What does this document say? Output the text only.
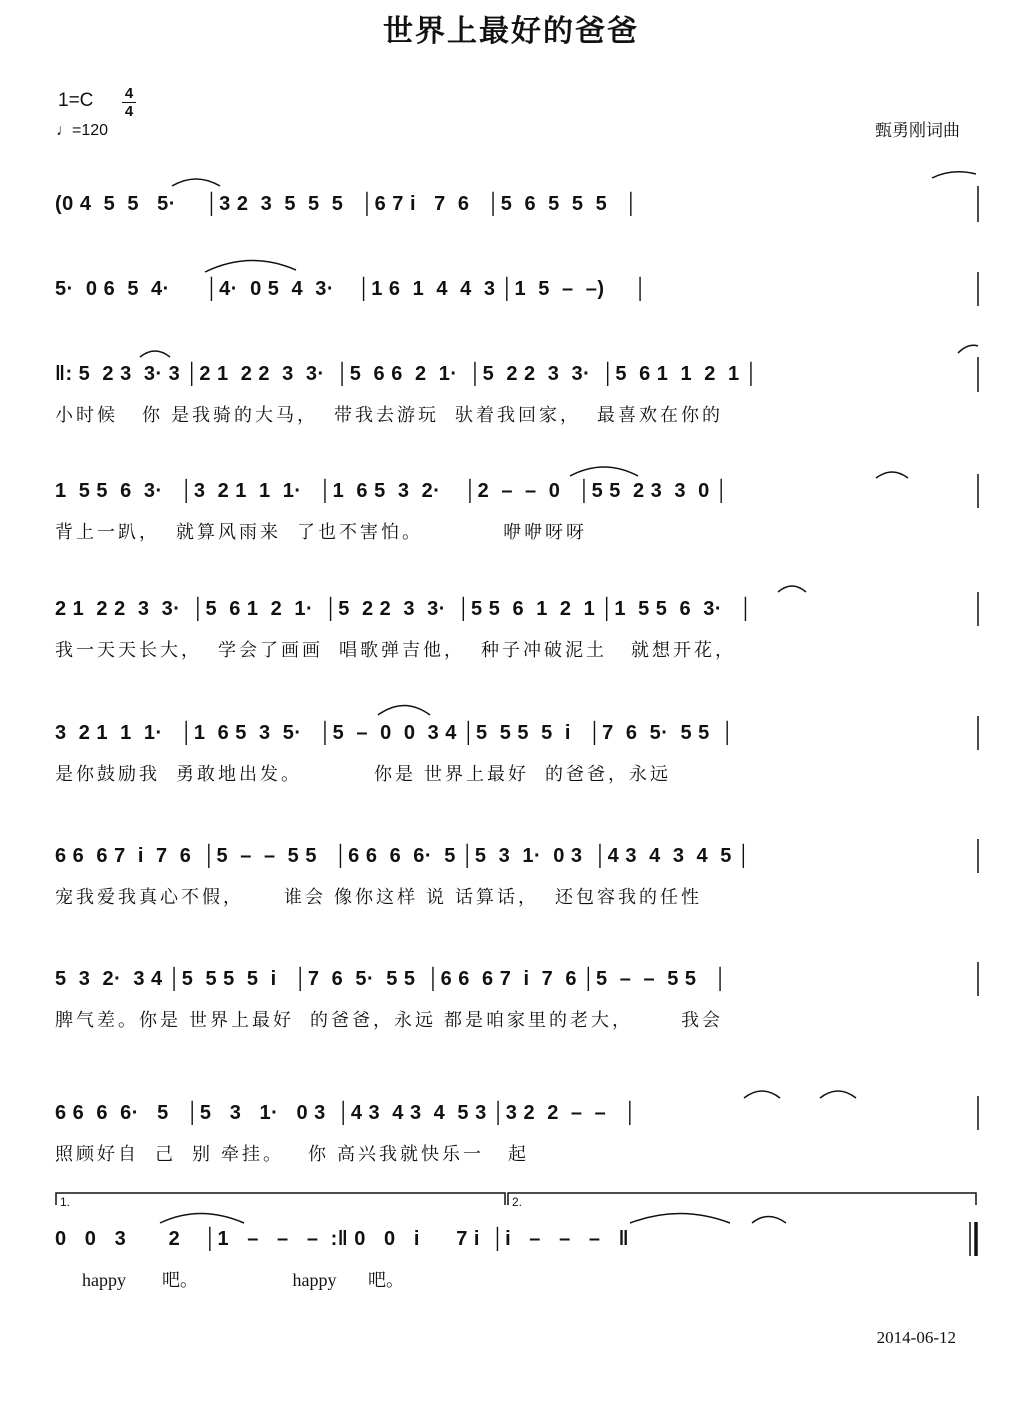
世界上最好的爸爸
1=C 4
4
♩=120	甄勇刚词曲
(0 4  5  5   5·     │3 2  3  5  5  5   │6 7 i   7  6   │5  6  5  5  5   │
5·  0 6  5  4·      │4·  0 5  4  3·    │1 6  1  4  4  3 │1  5  –  –)     │
‖: 5  2 3  3· 3 │2 1  2 2  3  3·  │5  6 6  2  1·  │5  2 2  3  3·  │5  6 1  1  2  1 │
小时候   你 是我骑的大马，  带我去游玩  驮着我回家，  最喜欢在你的
1  5 5  6  3·   │3  2 1  1  1·   │1  6 5  3  2·    │2  –  –  0   │5 5  2 3  3  0 │
背上一趴，  就算风雨来  了也不害怕。          咿咿呀呀
2 1  2 2  3  3·  │5  6 1  2  1·  │5  2 2  3  3·  │5 5  6  1  2  1 │1  5 5  6  3·   │
我一天天长大，  学会了画画  唱歌弹吉他，  种子冲破泥土   就想开花，
3  2 1  1  1·   │1  6 5  3  5·   │5  –  0  0  3 4 │5  5 5  5  i   │7  6  5·  5 5  │
是你鼓励我  勇敢地出发。         你是 世界上最好  的爸爸，永远
6 6  6 7  i  7  6  │5  –  –  5 5   │6 6  6  6·  5 │5  3  1·  0 3  │4 3  4  3  4  5 │
宠我爱我真心不假，     谁会 像你这样 说 话算话，  还包容我的任性
5  3  2·  3 4 │5  5 5  5  i   │7  6  5·  5 5  │6 6  6 7  i  7  6 │5  –  –  5 5   │
脾气差。你是 世界上最好  的爸爸，永远 都是咱家里的老大，      我会
6 6  6  6·   5   │5   3   1·   0 3  │4 3  4 3  4  5 3 │3 2  2  –  –   │
照顾好自  己  别 牵挂。   你 高兴我就快乐一   起
0   0   3       2    │1   –   –   –  :‖ 0   0   i      7 i  │i   –   –   –   ‖
happy        吧。                     happy       吧。
1.	2.
2014-06-12
